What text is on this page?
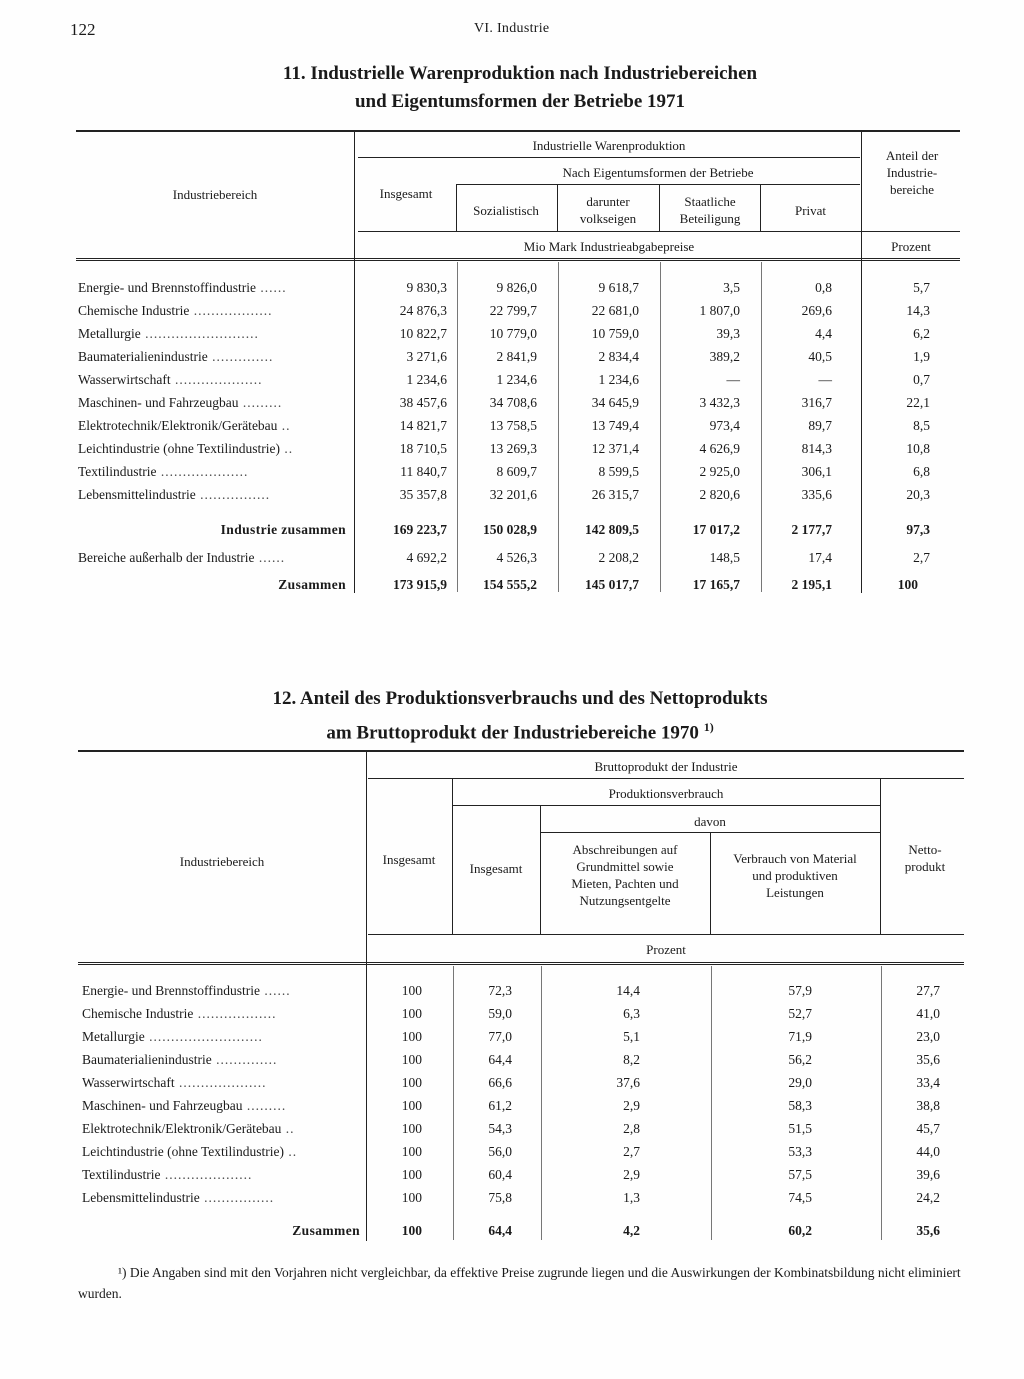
122	VI. Industrie
11. Industrielle Warenproduktion nach Industriebereichen
und Eigentumsformen der Betriebe 1971
Industriebereich
Industrielle Warenproduktion
Nach Eigentumsformen der Betriebe
Insgesamt
Sozialistisch
darunter volkseigen
Staatliche Beteiligung
Privat
Anteil der Industrie-bereiche
Mio Mark Industrieabgabepreise	Prozent
Energie- und Brennstoffindustrie ......	9 830,3	9 826,0	9 618,7	3,5	0,8	5,7
Chemische Industrie ..................	24 876,3	22 799,7	22 681,0	1 807,0	269,6	14,3
Metallurgie ..........................	10 822,7	10 779,0	10 759,0	39,3	4,4	6,2
Baumaterialienindustrie ..............	3 271,6	2 841,9	2 834,4	389,2	40,5	1,9
Wasserwirtschaft ....................	1 234,6	1 234,6	1 234,6	—	—	0,7
Maschinen- und Fahrzeugbau .........	38 457,6	34 708,6	34 645,9	3 432,3	316,7	22,1
Elektrotechnik/Elektronik/Gerätebau ..	14 821,7	13 758,5	13 749,4	973,4	89,7	8,5
Leichtindustrie (ohne Textilindustrie) ..	18 710,5	13 269,3	12 371,4	4 626,9	814,3	10,8
Textilindustrie ....................	11 840,7	8 609,7	8 599,5	2 925,0	306,1	6,8
Lebensmittelindustrie ................	35 357,8	32 201,6	26 315,7	2 820,6	335,6	20,3
Industrie zusammen	169 223,7	150 028,9	142 809,5	17 017,2	2 177,7	97,3
Bereiche außerhalb der Industrie ......	4 692,2	4 526,3	2 208,2	148,5	17,4	2,7
Zusammen	173 915,9	154 555,2	145 017,7	17 165,7	2 195,1	100
12. Anteil des Produktionsverbrauchs und des Nettoprodukts
am Bruttoprodukt der Industriebereiche 1970 $^{1)}$
Industriebereich
Bruttoprodukt der Industrie
Produktionsverbrauch
davon
Insgesamt
Insgesamt
Abschreibungen auf Grundmittel sowie Mieten, Pachten und Nutzungsentgelte
Verbrauch von Material und produktiven Leistungen
Netto-produkt
Prozent
Energie- und Brennstoffindustrie ......	100	72,3	14,4	57,9	27,7
Chemische Industrie ..................	100	59,0	6,3	52,7	41,0
Metallurgie ..........................	100	77,0	5,1	71,9	23,0
Baumaterialienindustrie ..............	100	64,4	8,2	56,2	35,6
Wasserwirtschaft ....................	100	66,6	37,6	29,0	33,4
Maschinen- und Fahrzeugbau .........	100	61,2	2,9	58,3	38,8
Elektrotechnik/Elektronik/Gerätebau ..	100	54,3	2,8	51,5	45,7
Leichtindustrie (ohne Textilindustrie) ..	100	56,0	2,7	53,3	44,0
Textilindustrie ....................	100	60,4	2,9	57,5	39,6
Lebensmittelindustrie ................	100	75,8	1,3	74,5	24,2
Zusammen	100	64,4	4,2	60,2	35,6
¹) Die Angaben sind mit den Vorjahren nicht vergleichbar, da effektive Preise zugrunde liegen und die Auswirkungen der Kombinatsbildung nicht eliminiert wurden.
